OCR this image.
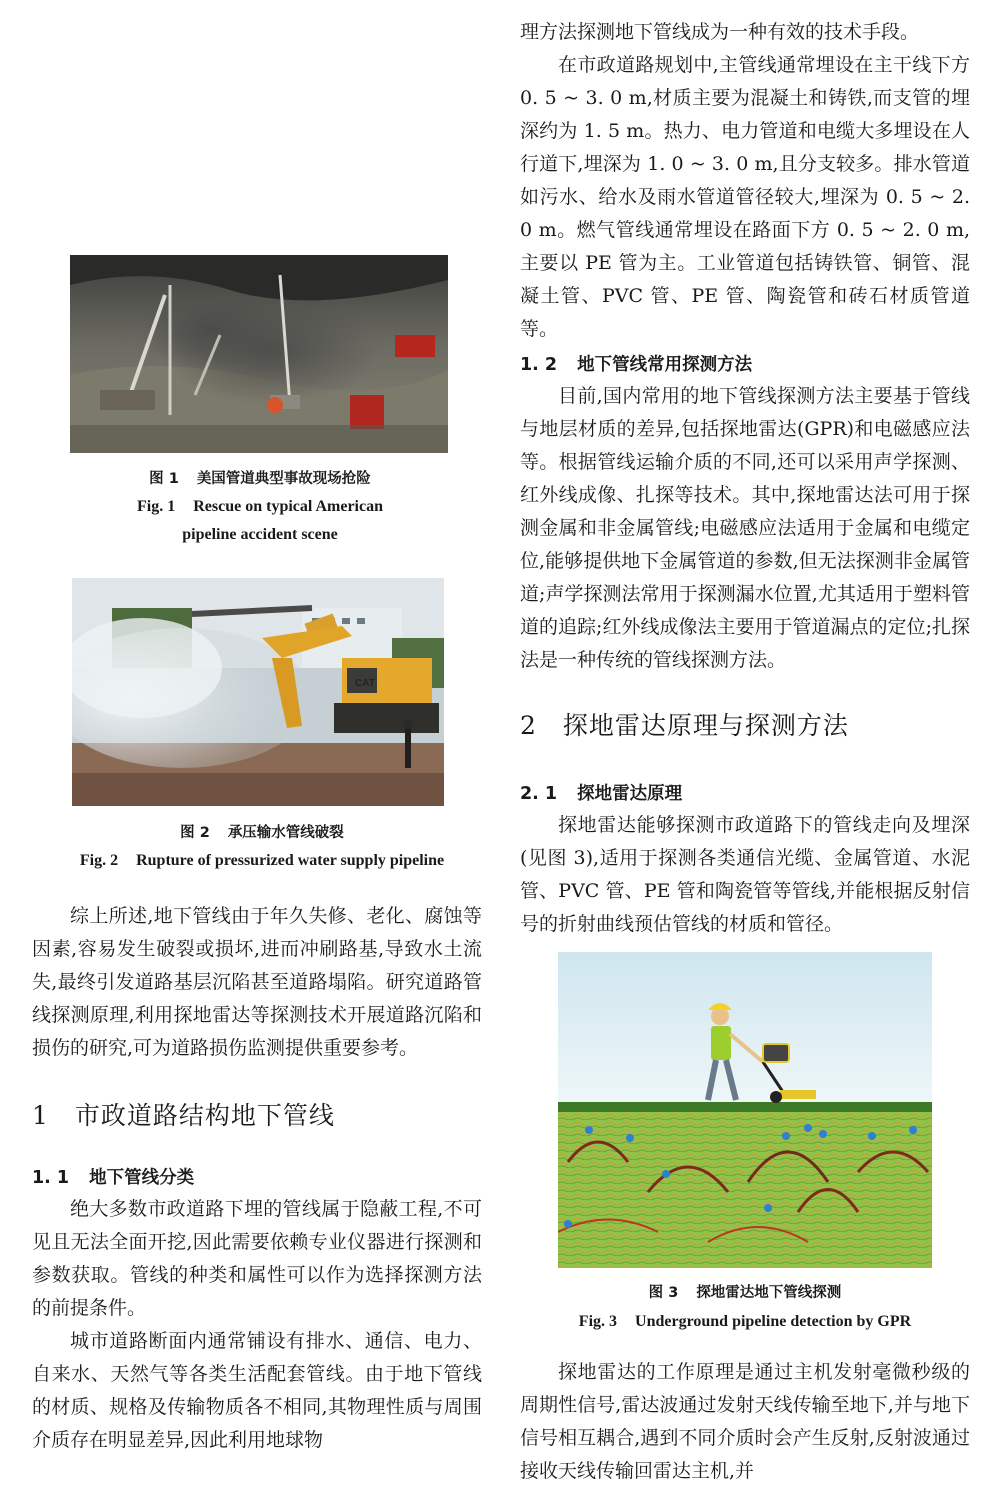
图 1 美国管道典型事故现场抢险
Fig. 1 Rescue on typical American
pipeline accident scene
CAT
图 2 承压输水管线破裂
Fig. 2 Rupture of pressurized water supply pipeline

综上所述,地下管线由于年久失修、老化、腐蚀等因素,容易发生破裂或损坏,进而冲刷路基,导致水土流失,最终引发道路基层沉陷甚至道路塌陷。研究道路管线探测原理,利用探地雷达等探测技术开展道路沉陷和损伤的研究,可为道路损伤监测提供重要参考。

1 市政道路结构地下管线
1. 1 地下管线分类

绝大多数市政道路下埋的管线属于隐蔽工程,不可见且无法全面开挖,因此需要依赖专业仪器进行探测和参数获取。管线的种类和属性可以作为选择探测方法的前提条件。

城市道路断面内通常铺设有排水、通信、电力、自来水、天然气等各类生活配套管线。由于地下管线的材质、规格及传输物质各不相同,其物理性质与周围介质存在明显差异,因此利用地球物

理方法探测地下管线成为一种有效的技术手段。

在市政道路规划中,主管线通常埋设在主干线下方 0. 5 ~ 3. 0 m,材质主要为混凝土和铸铁,而支管的埋深约为 1. 5 m。热力、电力管道和电缆大多埋设在人行道下,埋深为 1. 0 ~ 3. 0 m,且分支较多。排水管道如污水、给水及雨水管道管径较大,埋深为 0. 5 ~ 2. 0 m。燃气管线通常埋设在路面下方 0. 5 ~ 2. 0 m,主要以 PE 管为主。工业管道包括铸铁管、铜管、混凝土管、PVC 管、PE 管、陶瓷管和砖石材质管道等。

1. 2 地下管线常用探测方法

目前,国内常用的地下管线探测方法主要基于管线与地层材质的差异,包括探地雷达(GPR)和电磁感应法等。根据管线运输介质的不同,还可以采用声学探测、红外线成像、扎探等技术。其中,探地雷达法可用于探测金属和非金属管线;电磁感应法适用于金属和电缆定位,能够提供地下金属管道的参数,但无法探测非金属管道;声学探测法常用于探测漏水位置,尤其适用于塑料管道的追踪;红外线成像法主要用于管道漏点的定位;扎探法是一种传统的管线探测方法。

2 探地雷达原理与探测方法
2. 1 探地雷达原理

探地雷达能够探测市政道路下的管线走向及埋深(见图 3),适用于探测各类通信光缆、金属管道、水泥管、PVC 管、PE 管和陶瓷管等管线,并能根据反射信号的折射曲线预估管线的材质和管径。

图 3 探地雷达地下管线探测
Fig. 3 Underground pipeline detection by GPR

探地雷达的工作原理是通过主机发射毫微秒级的周期性信号,雷达波通过发射天线传输至地下,并与地下信号相互耦合,遇到不同介质时会产生反射,反射波通过接收天线传输回雷达主机,并
